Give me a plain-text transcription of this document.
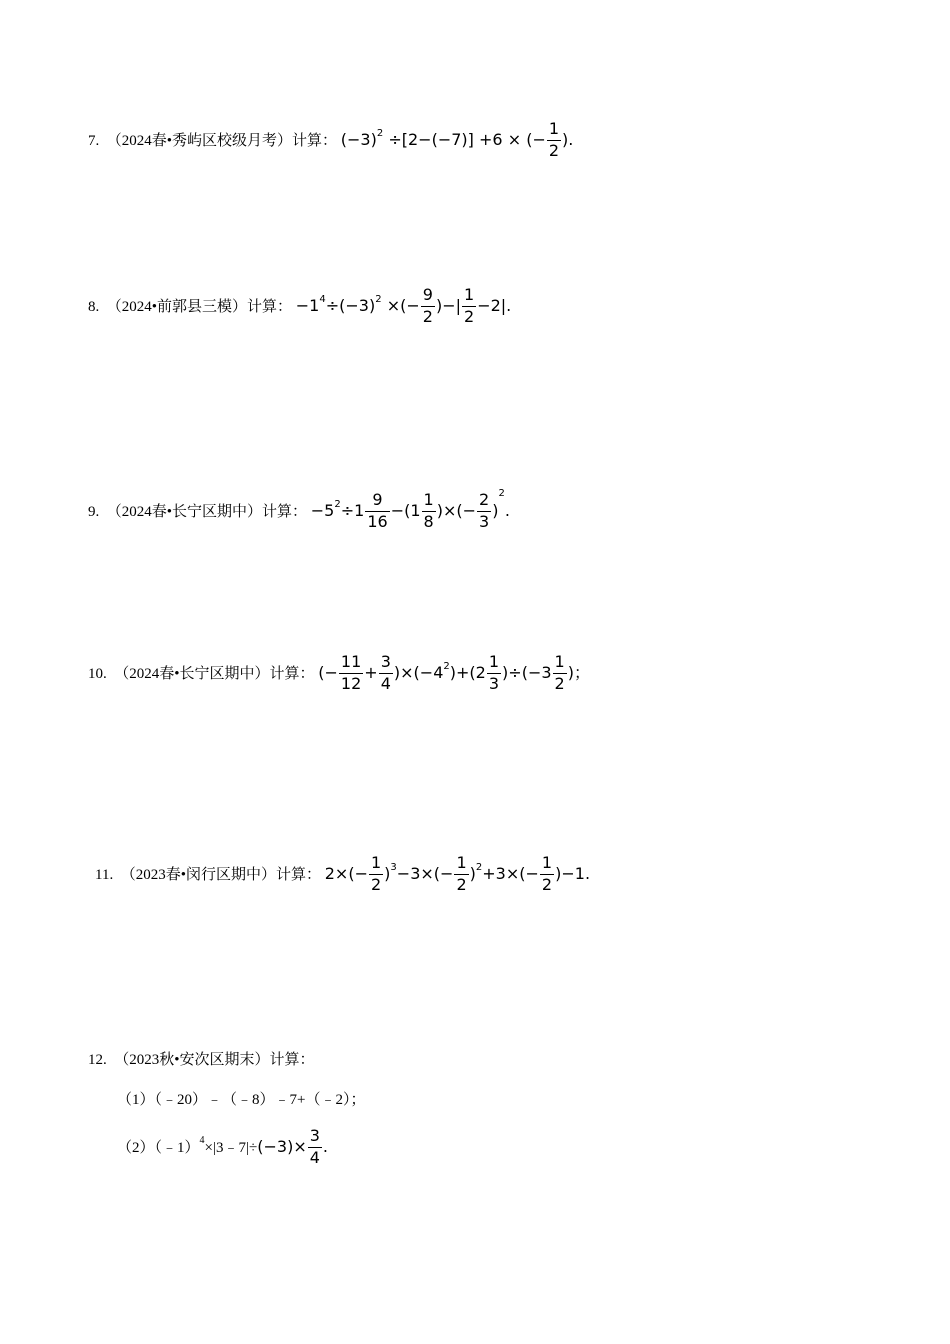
7. （2024春•秀屿区校级月考）计算： $(-3)^2 \div[2-(-7)] +6$ × (− $\frac{1}{2}$ ).
8. （2024•前郭县三模）计算： $-1^4\div(-3)^2$ ×(− $\frac{9}{2}$ )−| $\frac{1}{2} -2|$.
9. （2024春•长宁区期中）计算： $-5^2\div 1 \frac{9}{16} -(1 \frac{1}{8}$ )×(− $\frac{2}{3} )^2$.
10. （2024春•长宁区期中）计算： (− $\frac{11}{12} + \frac{3}{4} )\times(-4^2)+(2 \frac{1}{3} )\div(-3 \frac{1}{2}$ )；
11. （2023春•闵行区期中）计算： $2\times(- \frac{1}{2} )^3-3\times(- \frac{1}{2} )^2+3\times(- \frac{1}{2} )-1$.
12. （2023秋•安次区期末）计算：
（1）（﹣20）﹣（﹣8）﹣7+（﹣2）；
（2）（﹣1）$^4$×|3﹣7|÷(−3)× $\frac{3}{4}$ .
